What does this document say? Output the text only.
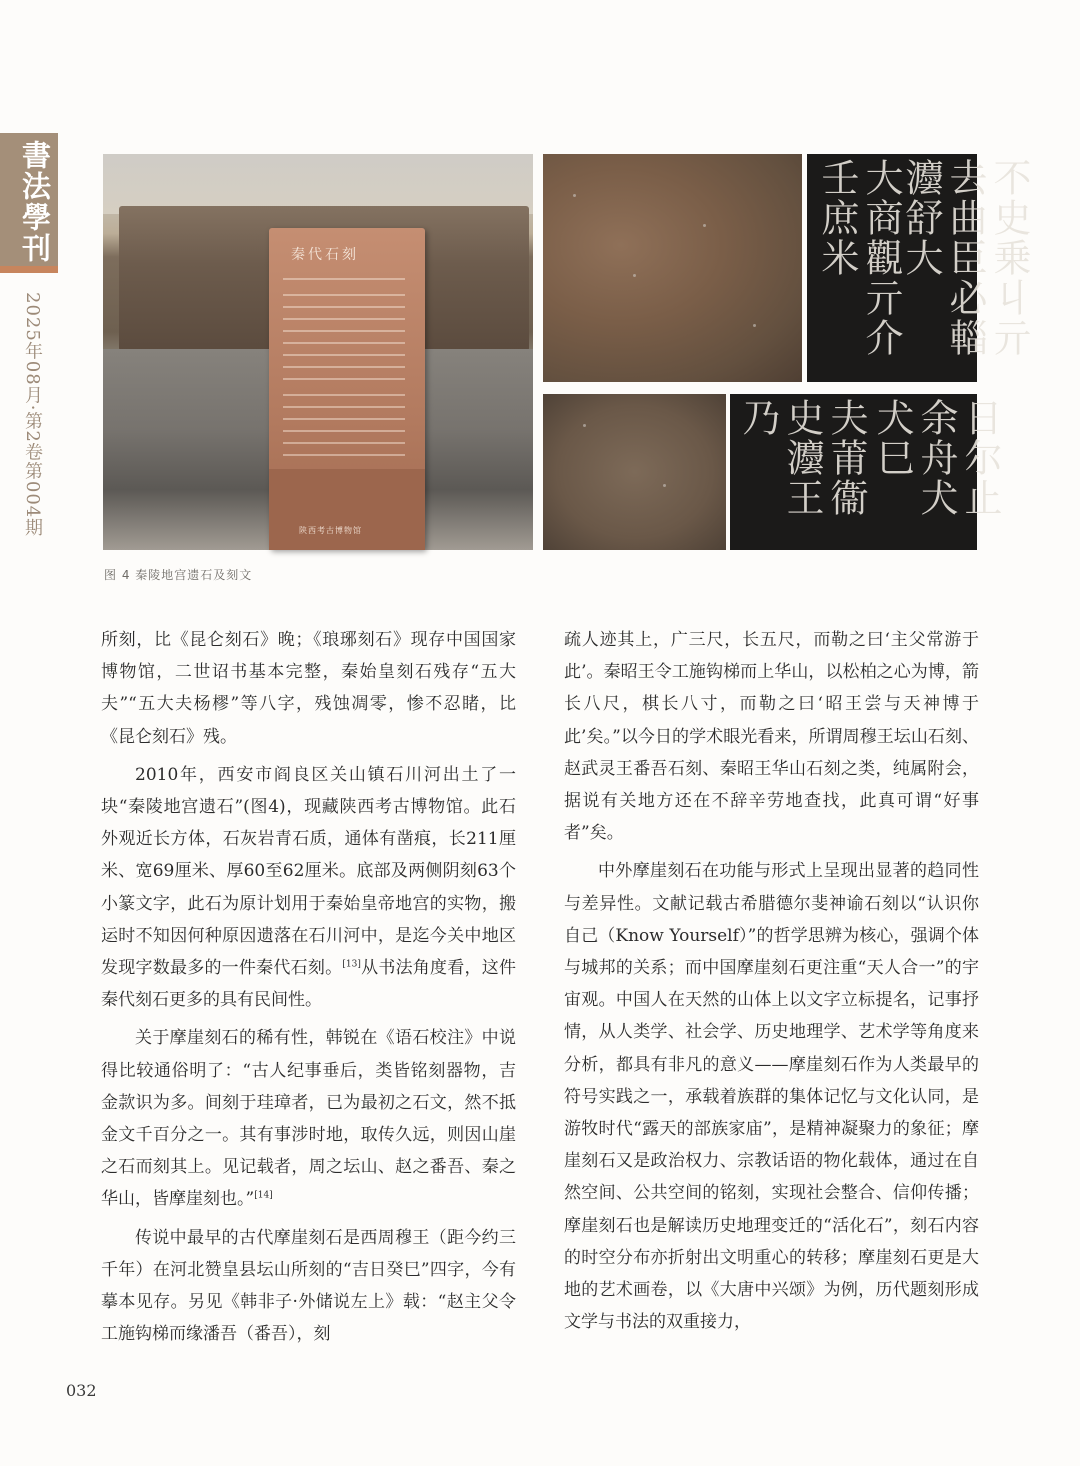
書法學刊
2025年08月·第2卷第004期
秦代石刻
陕西考古博物馆
大商觀亓介壬庶米	不史乗丩亓去曲臣必輜灋舒大
夫莆衞史灋王乃	日尔止余舟犬犬巳
图 4 秦陵地宫遗石及刻文

所刻，比《昆仑刻石》晚；《琅琊刻石》现存中国国家博物馆，二世诏书基本完整，秦始皇刻石残存“五大夫”“五大夫杨樛”等八字，残蚀凋零，惨不忍睹，比《昆仑刻石》残。

2010年，西安市阎良区关山镇石川河出土了一块“秦陵地宫遗石”(图4)，现藏陕西考古博物馆。此石外观近长方体，石灰岩青石质，通体有凿痕，长211厘米、宽69厘米、厚60至62厘米。底部及两侧阴刻63个小篆文字，此石为原计划用于秦始皇帝地宫的实物，搬运时不知因何种原因遗落在石川河中，是迄今关中地区发现字数最多的一件秦代石刻。[13]从书法角度看，这件秦代刻石更多的具有民间性。

关于摩崖刻石的稀有性，韩锐在《语石校注》中说得比较通俗明了：“古人纪事垂后，类皆铭刻器物，吉金款识为多。间刻于珪璋者，已为最初之石文，然不抵金文千百分之一。其有事涉时地，取传久远，则因山崖之石而刻其上。见记载者，周之坛山、赵之番吾、秦之华山，皆摩崖刻也。”[14]

传说中最早的古代摩崖刻石是西周穆王（距今约三千年）在河北赞皇县坛山所刻的“吉日癸巳”四字，今有摹本见存。另见《韩非子·外储说左上》载：“赵主父令工施钩梯而缘潘吾（番吾），刻

疏人迹其上，广三尺，长五尺，而勒之曰‘主父常游于此’。秦昭王令工施钩梯而上华山，以松柏之心为博，箭长八尺，棋长八寸，而勒之曰‘昭王尝与天神博于此’矣。”以今日的学术眼光看来，所谓周穆王坛山石刻、赵武灵王番吾石刻、秦昭王华山石刻之类，纯属附会，据说有关地方还在不辞辛劳地查找，此真可谓“好事者”矣。

中外摩崖刻石在功能与形式上呈现出显著的趋同性与差异性。文献记载古希腊德尔斐神谕石刻以“认识你自己（Know Yourself）”的哲学思辨为核心，强调个体与城邦的关系；而中国摩崖刻石更注重“天人合一”的宇宙观。中国人在天然的山体上以文字立标提名，记事抒情，从人类学、社会学、历史地理学、艺术学等角度来分析，都具有非凡的意义——摩崖刻石作为人类最早的符号实践之一，承载着族群的集体记忆与文化认同，是游牧时代“露天的部族家庙”，是精神凝聚力的象征；摩崖刻石又是政治权力、宗教话语的物化载体，通过在自然空间、公共空间的铭刻，实现社会整合、信仰传播；摩崖刻石也是解读历史地理变迁的“活化石”，刻石内容的时空分布亦折射出文明重心的转移；摩崖刻石更是大地的艺术画卷，以《大唐中兴颂》为例，历代题刻形成文学与书法的双重接力，

032
